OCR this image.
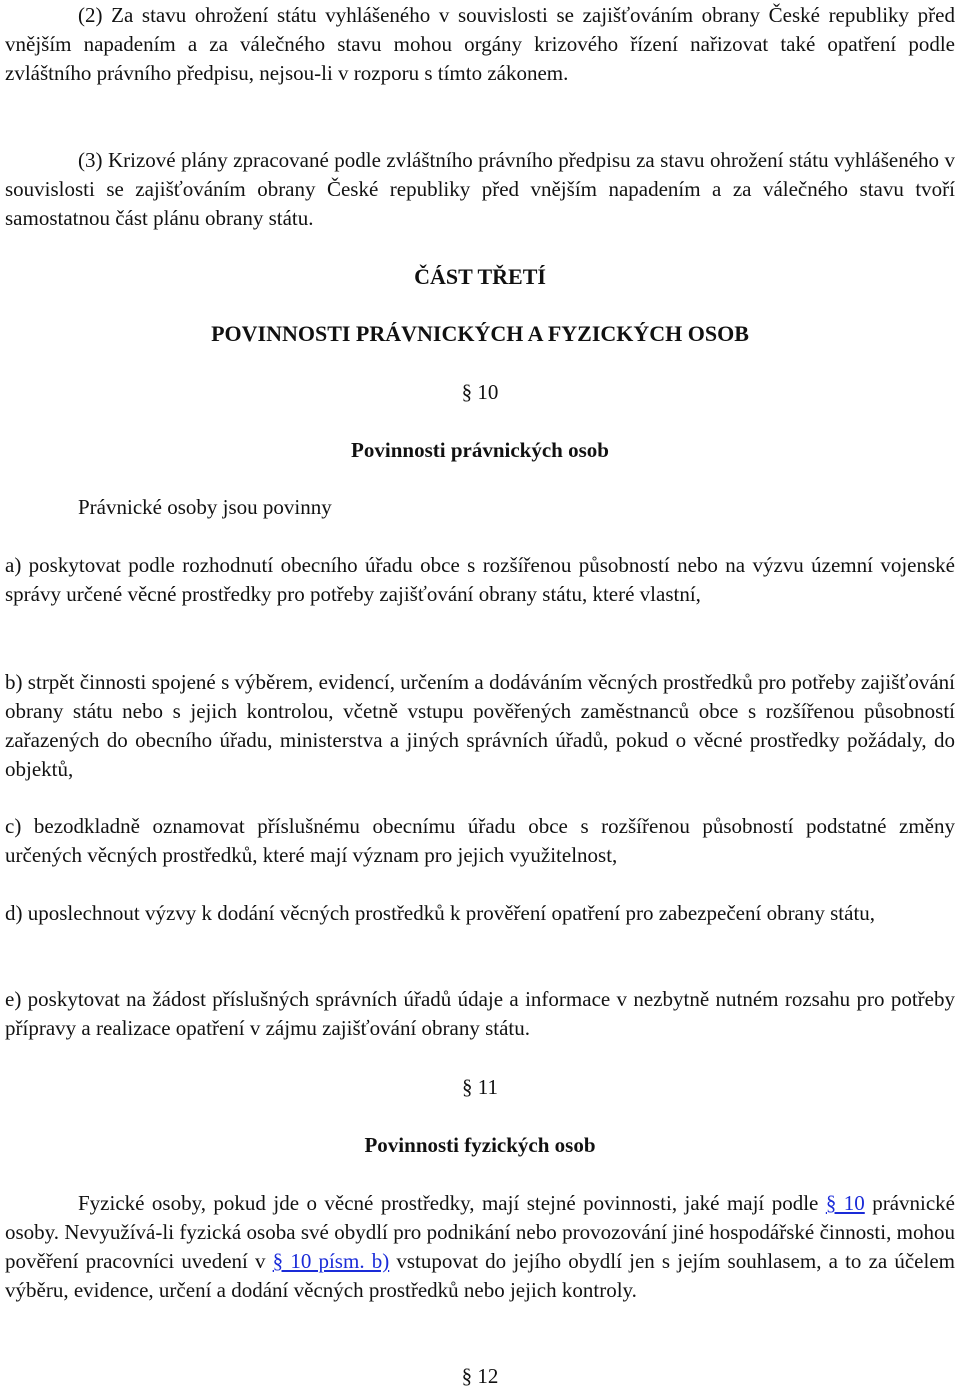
(2) Za stavu ohrožení státu vyhlášeného v souvislosti se zajišťováním obrany České republiky před vnějším napadením a za válečného stavu mohou orgány krizového řízení nařizovat také opatření podle zvláštního právního předpisu, nejsou-li v rozporu s tímto zákonem.

(3) Krizové plány zpracované podle zvláštního právního předpisu za stavu ohrožení státu vyhlášeného v souvislosti se zajišťováním obrany České republiky před vnějším napadením a za válečného stavu tvoří samostatnou část plánu obrany státu.

ČÁST TŘETÍ

POVINNOSTI PRÁVNICKÝCH A FYZICKÝCH OSOB

§ 10

Povinnosti právnických osob

Právnické osoby jsou povinny

a) poskytovat podle rozhodnutí obecního úřadu obce s rozšířenou působností nebo na výzvu územní vojenské správy určené věcné prostředky pro potřeby zajišťování obrany státu, které vlastní,

b) strpět činnosti spojené s výběrem, evidencí, určením a dodáváním věcných prostředků pro potřeby zajišťování obrany státu nebo s jejich kontrolou, včetně vstupu pověřených zaměstnanců obce s rozšířenou působností zařazených do obecního úřadu, ministerstva a jiných správních úřadů, pokud o věcné prostředky požádaly, do objektů,

c) bezodkladně oznamovat příslušnému obecnímu úřadu obce s rozšířenou působností podstatné změny určených věcných prostředků, které mají význam pro jejich využitelnost,

d) uposlechnout výzvy k dodání věcných prostředků k prověření opatření pro zabezpečení obrany státu,

e) poskytovat na žádost příslušných správních úřadů údaje a informace v nezbytně nutném rozsahu pro potřeby přípravy a realizace opatření v zájmu zajišťování obrany státu.

§ 11

Povinnosti fyzických osob

Fyzické osoby, pokud jde o věcné prostředky, mají stejné povinnosti, jaké mají podle § 10 právnické osoby. Nevyužívá-li fyzická osoba své obydlí pro podnikání nebo provozování jiné hospodářské činnosti, mohou pověření pracovníci uvedení v § 10 písm. b) vstupovat do jejího obydlí jen s jejím souhlasem, a to za účelem výběru, evidence, určení a dodání věcných prostředků nebo jejich kontroly.

§ 12
